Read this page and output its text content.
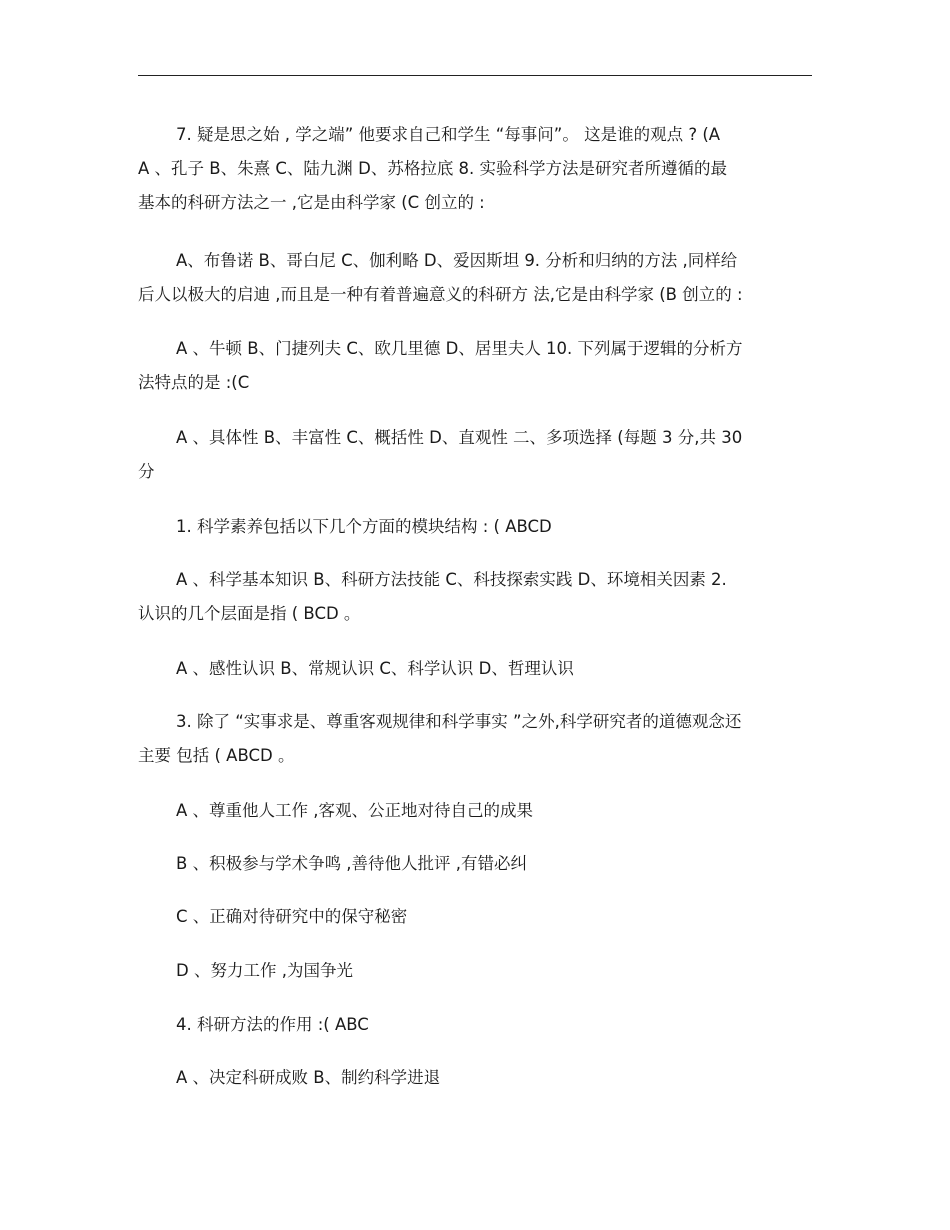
7. 疑是思之始 , 学之端” 他要求自己和学生 “每事问”。 这是谁的观点 ? (A
A 、孔子 B、朱熹 C、陆九渊 D、苏格拉底 8. 实验科学方法是研究者所遵循的最
基本的科研方法之一 ,它是由科学家 (C 创立的 :
A、布鲁诺 B、哥白尼 C、伽利略 D、爱因斯坦 9. 分析和归纳的方法 ,同样给
后人以极大的启迪 ,而且是一种有着普遍意义的科研方 法,它是由科学家 (B 创立的 :
A 、牛顿 B、门捷列夫 C、欧几里德 D、居里夫人 10. 下列属于逻辑的分析方
法特点的是 :(C
A 、具体性 B、丰富性 C、概括性 D、直观性 二、多项选择 (每题 3 分,共 30
分
1. 科学素养包括以下几个方面的模块结构 : ( ABCD
A 、科学基本知识 B、科研方法技能 C、科技探索实践 D、环境相关因素 2.
认识的几个层面是指 ( BCD 。
A 、感性认识 B、常规认识 C、科学认识 D、哲理认识
3. 除了 “实事求是、尊重客观规律和科学事实 ”之外,科学研究者的道德观念还
主要 包括 ( ABCD 。
A 、尊重他人工作 ,客观、公正地对待自己的成果
B 、积极参与学术争鸣 ,善待他人批评 ,有错必纠
C 、正确对待研究中的保守秘密
D 、努力工作 ,为国争光
4. 科研方法的作用 :( ABC
A 、决定科研成败 B、制约科学进退
